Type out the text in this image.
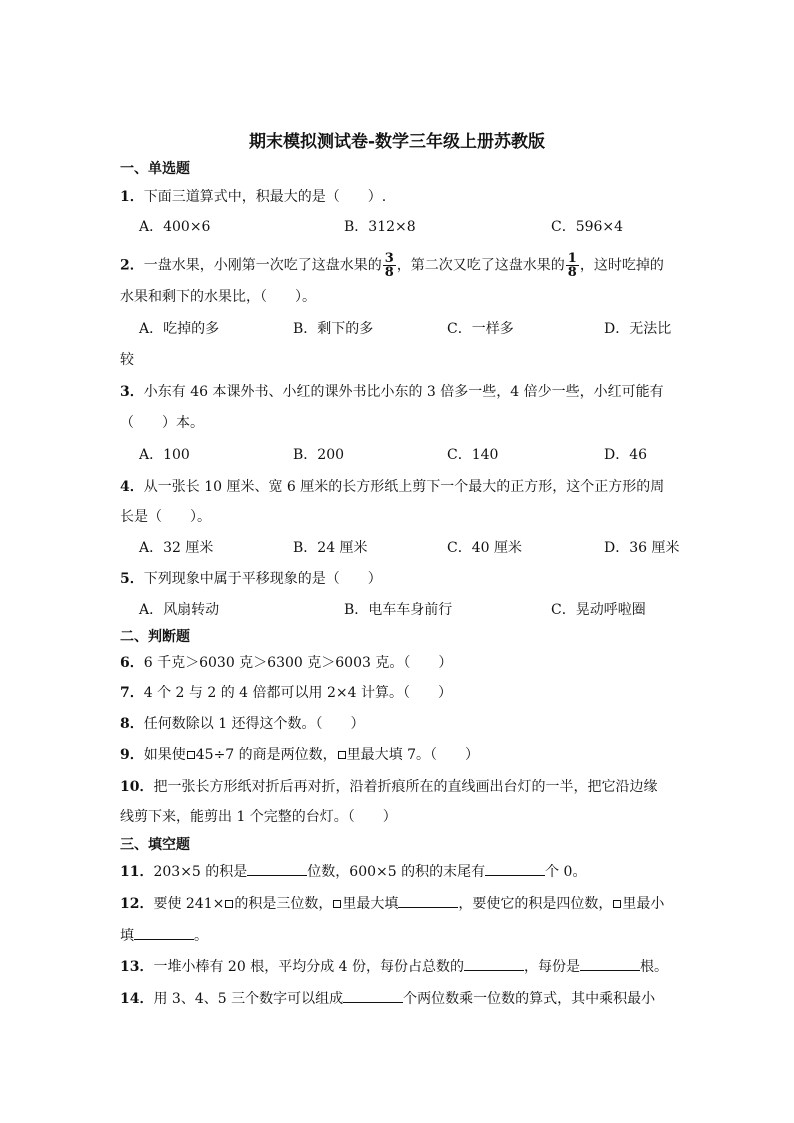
期末模拟测试卷-数学三年级上册苏教版
一、单选题
1．下面三道算式中，积最大的是（　　）.
A．400×6	B．312×8	C．596×4
2．一盘水果，小刚第一次吃了这盘水果的 $\frac{3}{8}$ ，第二次又吃了这盘水果的 $\frac{1}{8}$ ，这时吃掉的
水果和剩下的水果比，（　　）。
A．吃掉的多	B．剩下的多	C．一样多	D．无法比
较
3．小东有 46 本课外书、小红的课外书比小东的 3 倍多一些，4 倍少一些，小红可能有
（　　）本。
A．100	B．200	C．140	D．46
4．从一张长 10 厘米、宽 6 厘米的长方形纸上剪下一个最大的正方形，这个正方形的周
长是（　　）。
A．32 厘米	B．24 厘米	C．40 厘米	D．36 厘米
5．下列现象中属于平移现象的是（　　）
A．风扇转动	B．电车车身前行	C．晃动呼啦圈
二、判断题
6．6 千克＞6030 克＞6300 克＞6003 克。（　　）
7．4 个 2 与 2 的 4 倍都可以用 2×4 计算。（　　）
8．任何数除以 1 还得这个数。（　　）
9．如果使 45÷7 的商是两位数， 里最大填 7。（　　）
10．把一张长方形纸对折后再对折，沿着折痕所在的直线画出台灯的一半，把它沿边缘
线剪下来，能剪出 1 个完整的台灯。（　　）
三、填空题
11．203×5 的积是	位数，600×5 的积的末尾有	个 0。
12．要使 241× 的积是三位数， 里最大填	，要使它的积是四位数， 里最小
填	。
13．一堆小棒有 20 根，平均分成 4 份，每份占总数的	，每份是	根。
14．用 3、4、5 三个数字可以组成	个两位数乘一位数的算式，其中乘积最小
